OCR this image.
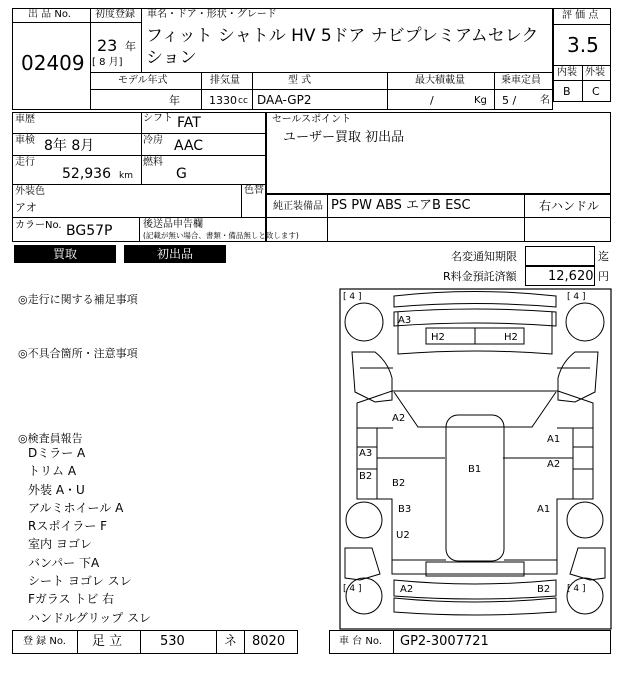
出 品 No.
02409
初度登録
23 年
[ 8 月]
車名・ドア・形状・グレード
フィット シャトル HV 5ドア ナビプレミアムセレクション
モデル年式
年
排気量
1330 cc
型 式
DAA-GP2
最大積載量
/	Kg
乗車定員
5 / 名
評 価 点
3.5
内装 外装
B C
車歴	シフト FAT
車検 8年 8月	冷房 AAC
走行
52,936 km
燃料
G
外装色
アオ
色替
カラーNo. BG57P	後送品申告欄
(記載が無い場合、書類・備品無しと致します)
セールスポイント
ユーザー買取 初出品
純正装備品 PS PW ABS エアB ESC	右ハンドル
買取	初出品	名変通知期限	迄
R料金預託済額 12,620 円
◎走行に関する補足事項
◎不具合箇所・注意事項
◎検査員報告
Dミラー A
トリム A
外装 A・U
アルミホイール A
Rスポイラー F
室内 ヨゴレ
バンパー 下A
シート ヨゴレ スレ
Fガラス トビ 右
ハンドルグリップ スレ
[ 4 ]	[ 4 ]
[ 4 ]	[ 4 ]
A3
H2	H2
A2
A1
A3
A2
B2
B1
B2
B3	A1
U2
A2	B2
登 録 No. 足 立	530	ネ 8020	車 台 No. GP2-3007721
